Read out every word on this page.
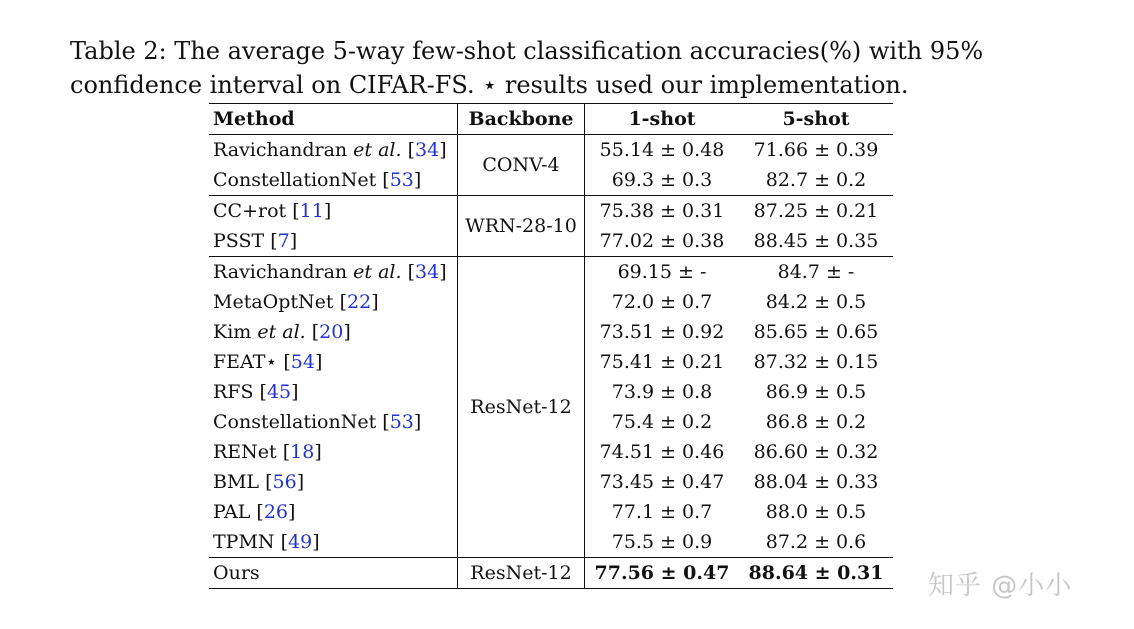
Table 2: The average 5-way few-shot classification accuracies(%) with 95% confidence interval on CIFAR-FS. ⋆ results used our implementation.
Method	Backbone	1-shot	5-shot
Ravichandran et al. [34]	CONV-4	55.14 ± 0.48	71.66 ± 0.39
ConstellationNet [53]		69.3 ± 0.3	82.7 ± 0.2
CC+rot [11]	WRN-28-10	75.38 ± 0.31	87.25 ± 0.21
PSST [7]		77.02 ± 0.38	88.45 ± 0.35
Ravichandran et al. [34]	ResNet-12	69.15 ± -	84.7 ± -
MetaOptNet [22]		72.0 ± 0.7	84.2 ± 0.5
Kim et al. [20]		73.51 ± 0.92	85.65 ± 0.65
FEAT⋆ [54]		75.41 ± 0.21	87.32 ± 0.15
RFS [45]		73.9 ± 0.8	86.9 ± 0.5
ConstellationNet [53]		75.4 ± 0.2	86.8 ± 0.2
RENet [18]		74.51 ± 0.46	86.60 ± 0.32
BML [56]		73.45 ± 0.47	88.04 ± 0.33
PAL [26]		77.1 ± 0.7	88.0 ± 0.5
TPMN [49]		75.5 ± 0.9	87.2 ± 0.6
Ours	ResNet-12	77.56 ± 0.47	88.64 ± 0.31 知乎 @小小
